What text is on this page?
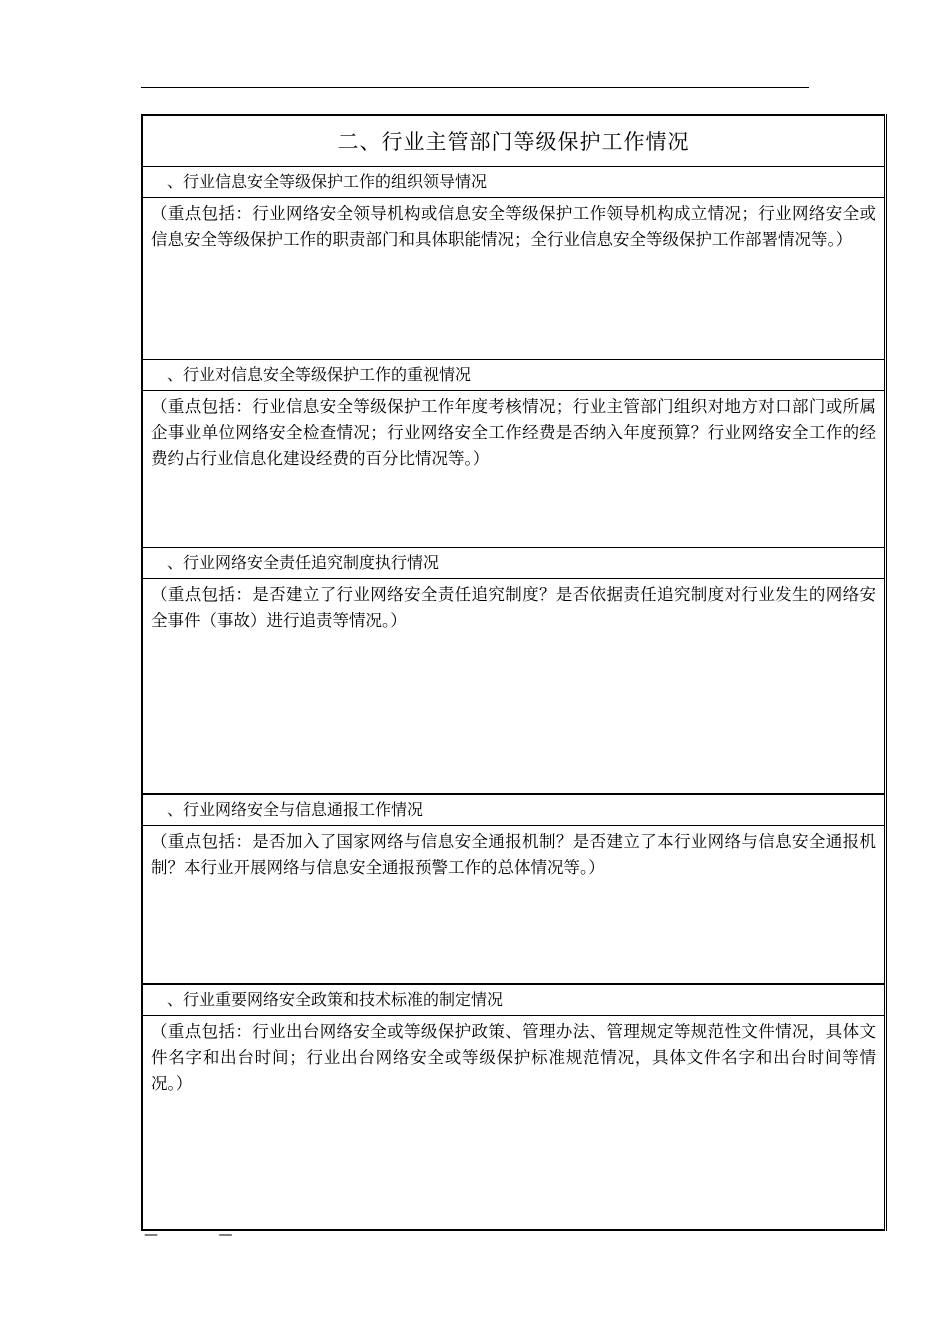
二、行业主管部门等级保护工作情况
、行业信息安全等级保护工作的组织领导情况
（重点包括：行业网络安全领导机构或信息安全等级保护工作领导机构成立情况；行业网络安全或信息安全等级保护工作的职责部门和具体职能情况；全行业信息安全等级保护工作部署情况等。）
、行业对信息安全等级保护工作的重视情况
（重点包括：行业信息安全等级保护工作年度考核情况；行业主管部门组织对地方对口部门或所属企事业单位网络安全检查情况；行业网络安全工作经费是否纳入年度预算？行业网络安全工作的经费约占行业信息化建设经费的百分比情况等。）
、行业网络安全责任追究制度执行情况
（重点包括：是否建立了行业网络安全责任追究制度？是否依据责任追究制度对行业发生的网络安全事件（事故）进行追责等情况。）
、行业网络安全与信息通报工作情况
（重点包括：是否加入了国家网络与信息安全通报机制？是否建立了本行业网络与信息安全通报机制？本行业开展网络与信息安全通报预警工作的总体情况等。）
、行业重要网络安全政策和技术标准的制定情况
（重点包括：行业出台网络安全或等级保护政策、管理办法、管理规定等规范性文件情况，具体文件名字和出台时间；行业出台网络安全或等级保护标准规范情况，具体文件名字和出台时间等情况。）
— —
